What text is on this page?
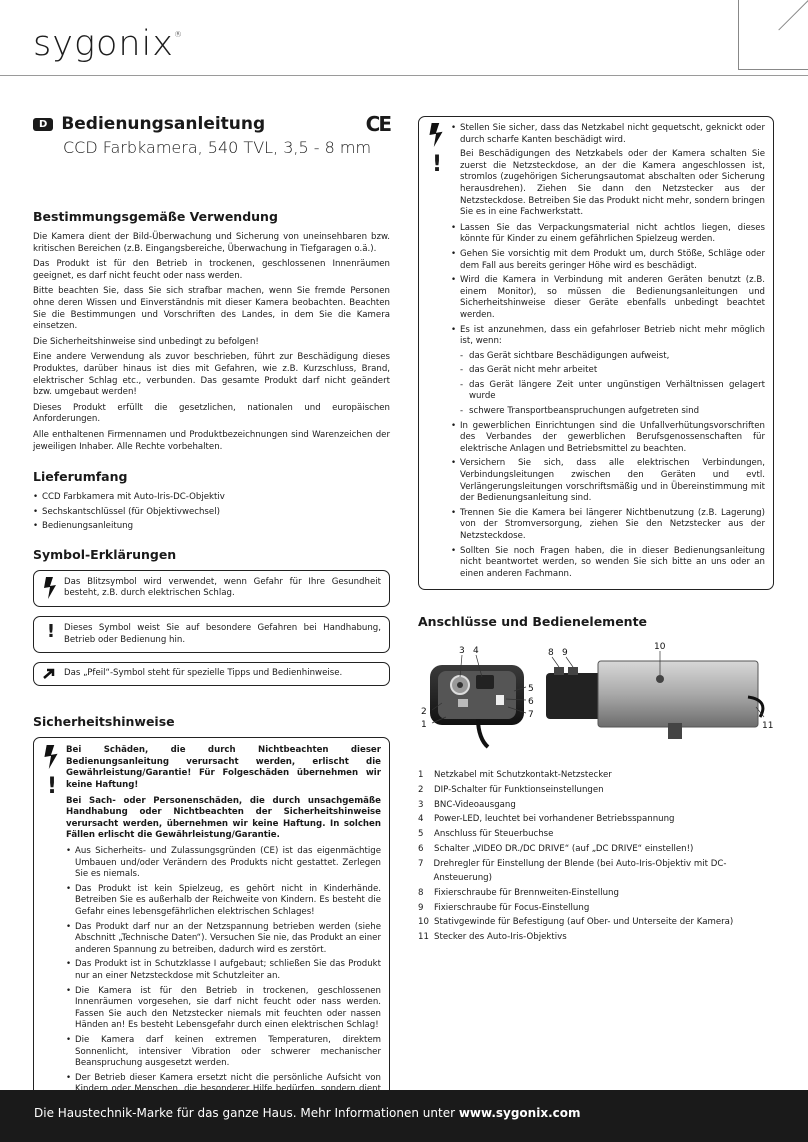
sygonix®
D Bedienungsanleitung	CE
CCD Farbkamera, 540 TVL, 3,5 - 8 mm
Bestimmungsgemäße Verwendung

Die Kamera dient der Bild-Überwachung und Sicherung von uneinsehbaren bzw. kritischen Bereichen (z.B. Eingangsbereiche, Überwachung in Tiefgaragen o.ä.).

Das Produkt ist für den Betrieb in trockenen, geschlossenen Innenräumen geeignet, es darf nicht feucht oder nass werden.

Bitte beachten Sie, dass Sie sich strafbar machen, wenn Sie fremde Personen ohne deren Wissen und Einverständnis mit dieser Kamera beobachten. Beachten Sie die Bestimmungen und Vorschriften des Landes, in dem Sie die Kamera einsetzen.

Die Sicherheitshinweise sind unbedingt zu befolgen!

Eine andere Verwendung als zuvor beschrieben, führt zur Beschädigung dieses Produktes, darüber hinaus ist dies mit Gefahren, wie z.B. Kurzschluss, Brand, elektrischer Schlag etc., verbunden. Das gesamte Produkt darf nicht geändert bzw. umgebaut werden!

Dieses Produkt erfüllt die gesetzlichen, nationalen und europäischen Anforderungen.

Alle enthaltenen Firmennamen und Produktbezeichnungen sind Warenzeichen der jeweiligen Inhaber. Alle Rechte vorbehalten.

Lieferumfang
• CCD Farbkamera mit Auto-Iris-DC-Objektiv
• Sechskantschlüssel (für Objektivwechsel)
• Bedienungsanleitung
Symbol-Erklärungen

Das Blitzsymbol wird verwendet, wenn Gefahr für Ihre Gesundheit besteht, z.B. durch elektrischen Schlag.

!	Dieses Symbol weist Sie auf besondere Gefahren bei Handhabung, Betrieb oder Bedienung hin.

Das „Pfeil“-Symbol steht für spezielle Tipps und Bedienhinweise.

Sicherheitshinweise
!

Bei Schäden, die durch Nichtbeachten dieser Bedienungsanleitung verursacht werden, erlischt die Gewährleistung/Garantie! Für Folgeschäden übernehmen wir keine Haftung!

Bei Sach- oder Personenschäden, die durch unsachgemäße Handhabung oder Nichtbeachten der Sicherheitshinweise verursacht werden, übernehmen wir keine Haftung. In solchen Fällen erlischt die Gewährleistung/Garantie.

• Aus Sicherheits- und Zulassungsgründen (CE) ist das eigenmächtige Umbauen und/oder Verändern des Produkts nicht gestattet. Zerlegen Sie es niemals.
• Das Produkt ist kein Spielzeug, es gehört nicht in Kinderhände. Betreiben Sie es außerhalb der Reichweite von Kindern. Es besteht die Gefahr eines lebensgefährlichen elektrischen Schlages!
• Das Produkt darf nur an der Netzspannung betrieben werden (siehe Abschnitt „Technische Daten“). Versuchen Sie nie, das Produkt an einer anderen Spannung zu betreiben, dadurch wird es zerstört.
• Das Produkt ist in Schutzklasse I aufgebaut; schließen Sie das Produkt nur an einer Netzsteckdose mit Schutzleiter an.
• Die Kamera ist für den Betrieb in trockenen, geschlossenen Innenräumen vorgesehen, sie darf nicht feucht oder nass werden. Fassen Sie auch den Netzstecker niemals mit feuchten oder nassen Händen an! Es besteht Lebensgefahr durch einen elektrischen Schlag!
• Die Kamera darf keinen extremen Temperaturen, direktem Sonnenlicht, intensiver Vibration oder schwerer mechanischer Beanspruchung ausgesetzt werden.
• Der Betrieb dieser Kamera ersetzt nicht die persönliche Aufsicht von
!
• Stellen Sie sicher, dass das Netzkabel nicht gequetscht, geknickt oder durch scharfe Kanten beschädigt wird.

Bei Beschädigungen des Netzkabels oder der Kamera schalten Sie zuerst die Netzsteckdose, an der die Kamera angeschlossen ist, stromlos (zugehörigen Sicherungsautomat abschalten oder Sicherung herausdrehen). Ziehen Sie dann den Netzstecker aus der Netzsteckdose. Betreiben Sie das Produkt nicht mehr, sondern bringen Sie es in eine Fachwerkstatt.

• Lassen Sie das Verpackungsmaterial nicht achtlos liegen, dieses könnte für Kinder zu einem gefährlichen Spielzeug werden.
• Gehen Sie vorsichtig mit dem Produkt um, durch Stöße, Schläge oder dem Fall aus bereits geringer Höhe wird es beschädigt.
• Wird die Kamera in Verbindung mit anderen Geräten benutzt (z.B. einem Monitor), so müssen die Bedienungsanleitungen und Sicherheitshinweise dieser Geräte ebenfalls unbedingt beachtet werden.
• Es ist anzunehmen, dass ein gefahrloser Betrieb nicht mehr möglich ist, wenn:
- das Gerät sichtbare Beschädigungen aufweist,
- das Gerät nicht mehr arbeitet
- das Gerät längere Zeit unter ungünstigen Verhältnissen gelagert wurde
- schwere Transportbeanspruchungen aufgetreten sind
• In gewerblichen Einrichtungen sind die Unfallverhütungsvorschriften des Verbandes der gewerblichen Berufsgenossenschaften für elektrische Anlagen und Betriebsmittel zu beachten.
• Versichern Sie sich, dass alle elektrischen Verbindungen, Verbindungsleitungen zwischen den Geräten und evtl. Verlängerungsleitungen vorschriftsmäßig und in Übereinstimmung mit der Bedienungsanleitung sind.
• Trennen Sie die Kamera bei längerer Nichtbenutzung (z.B. Lagerung) von der Stromversorgung, ziehen Sie den Netzstecker aus der Netzsteckdose.
• Sollten Sie noch Fragen haben, die in dieser Bedienungsanleitung nicht beantwortet werden, so wenden Sie sich bitte an uns oder an einen anderen Fachmann.
Anschlüsse und Bedienelemente
3 4
2
1
5
6
7
8 9
10
11
1	Netzkabel mit Schutzkontakt-Netzstecker
2	DIP-Schalter für Funktionseinstellungen
3	BNC-Videoausgang
4	Power-LED, leuchtet bei vorhandener Betriebsspannung
5	Anschluss für Steuerbuchse
6	Schalter „VIDEO DR./DC DRIVE“ (auf „DC DRIVE“ einstellen!)
7	Drehregler für Einstellung der Blende (bei Auto-Iris-Objektiv mit DC-Ansteuerung)
8	Fixierschraube für Brennweiten-Einstellung
9	Fixierschraube für Focus-Einstellung
10 Stativgewinde für Befestigung (auf Ober- und Unterseite der Kamera)
11 Stecker des Auto-Iris-Objektivs
Die Haustechnik-Marke für das ganze Haus. Mehr Informationen unter www.sygonix.com
